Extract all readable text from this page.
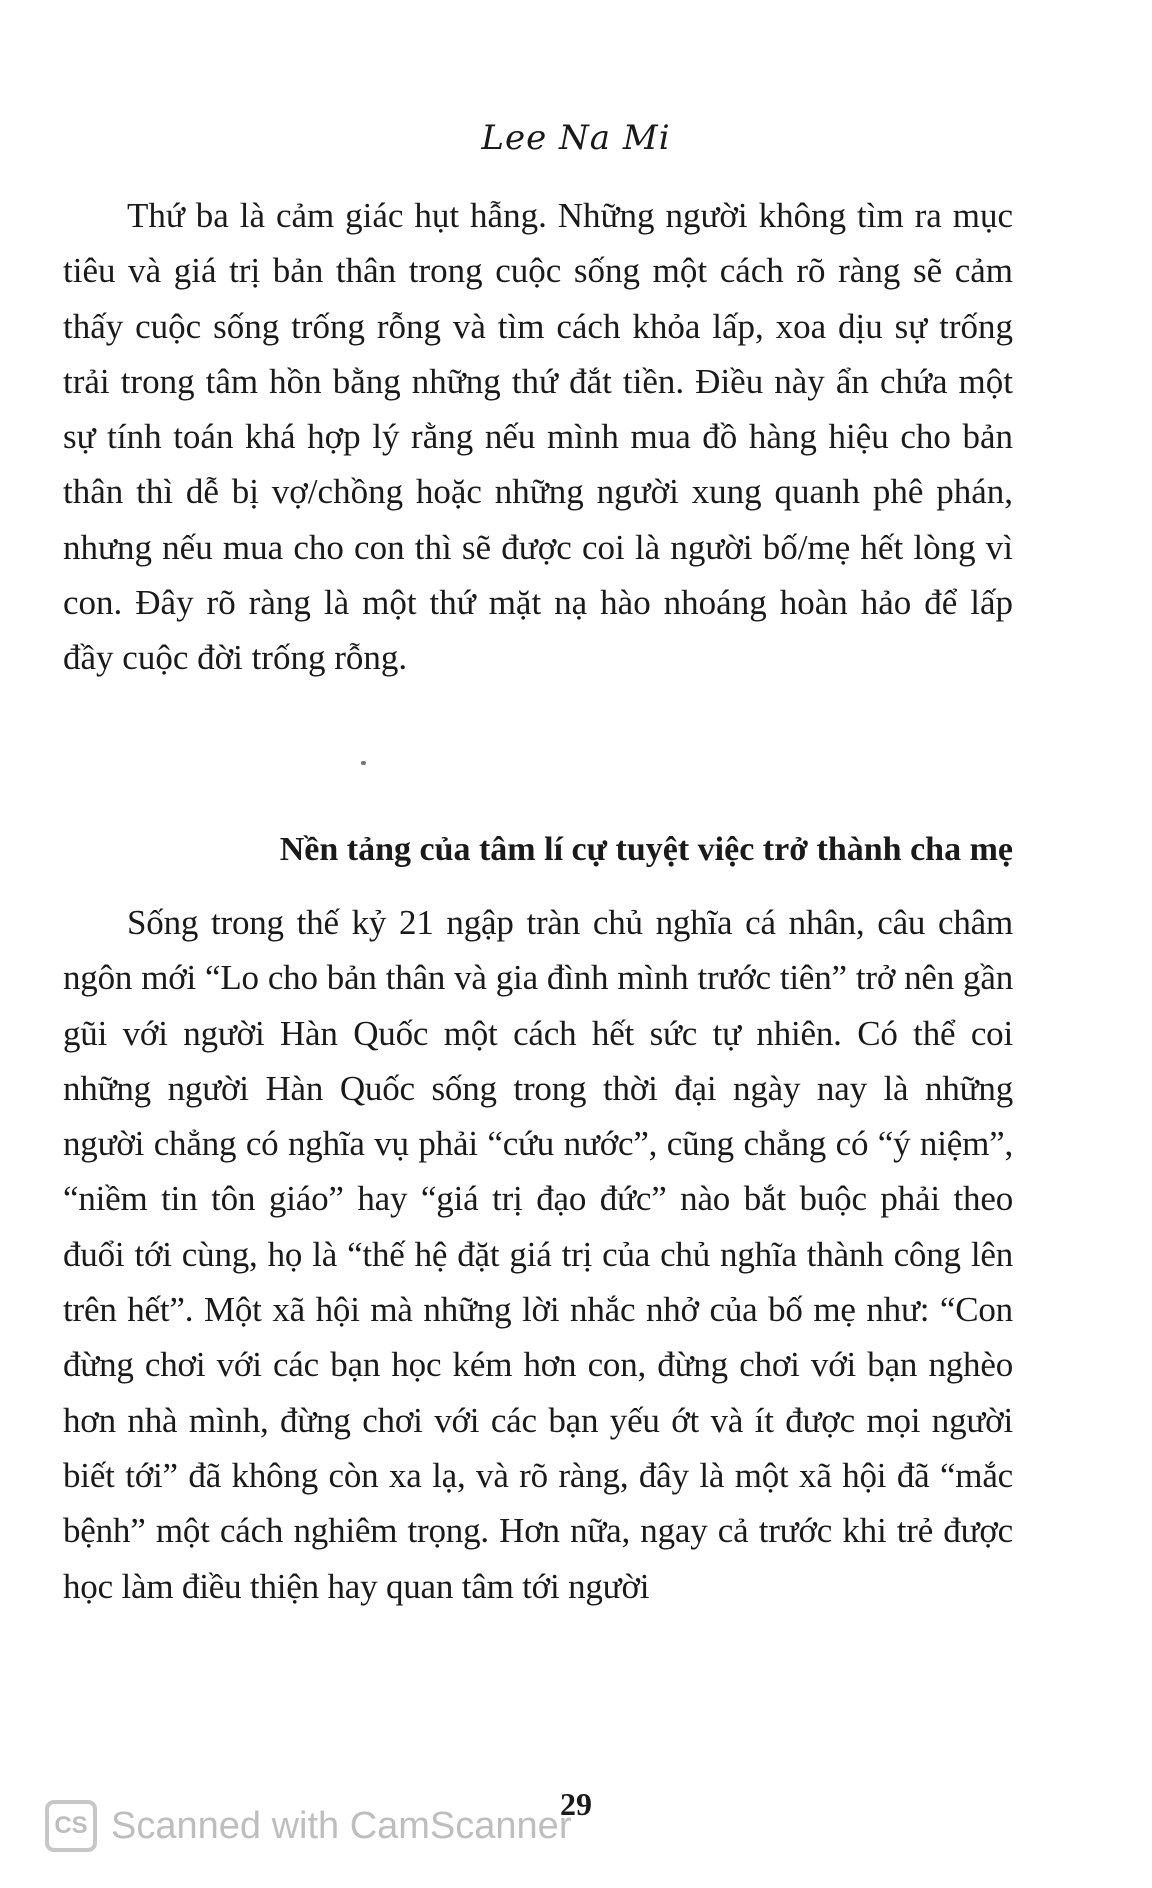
Lee Na Mi

Thứ ba là cảm giác hụt hẫng. Những người không tìm ra mục tiêu và giá trị bản thân trong cuộc sống một cách rõ ràng sẽ cảm thấy cuộc sống trống rỗng và tìm cách khỏa lấp, xoa dịu sự trống trải trong tâm hồn bằng những thứ đắt tiền. Điều này ẩn chứa một sự tính toán khá hợp lý rằng nếu mình mua đồ hàng hiệu cho bản thân thì dễ bị vợ/chồng hoặc những người xung quanh phê phán, nhưng nếu mua cho con thì sẽ được coi là người bố/mẹ hết lòng vì con. Đây rõ ràng là một thứ mặt nạ hào nhoáng hoàn hảo để lấp đầy cuộc đời trống rỗng.

Nền tảng của tâm lí cự tuyệt việc trở thành cha mẹ

Sống trong thế kỷ 21 ngập tràn chủ nghĩa cá nhân, câu châm ngôn mới “Lo cho bản thân và gia đình mình trước tiên” trở nên gần gũi với người Hàn Quốc một cách hết sức tự nhiên. Có thể coi những người Hàn Quốc sống trong thời đại ngày nay là những người chẳng có nghĩa vụ phải “cứu nước”, cũng chẳng có “ý niệm”, “niềm tin tôn giáo” hay “giá trị đạo đức” nào bắt buộc phải theo đuổi tới cùng, họ là “thế hệ đặt giá trị của chủ nghĩa thành công lên trên hết”. Một xã hội mà những lời nhắc nhở của bố mẹ như: “Con đừng chơi với các bạn học kém hơn con, đừng chơi với bạn nghèo hơn nhà mình, đừng chơi với các bạn yếu ớt và ít được mọi người biết tới” đã không còn xa lạ, và rõ ràng, đây là một xã hội đã “mắc bệnh” một cách nghiêm trọng. Hơn nữa, ngay cả trước khi trẻ được học làm điều thiện hay quan tâm tới người

29
CS Scanned with CamScanner
